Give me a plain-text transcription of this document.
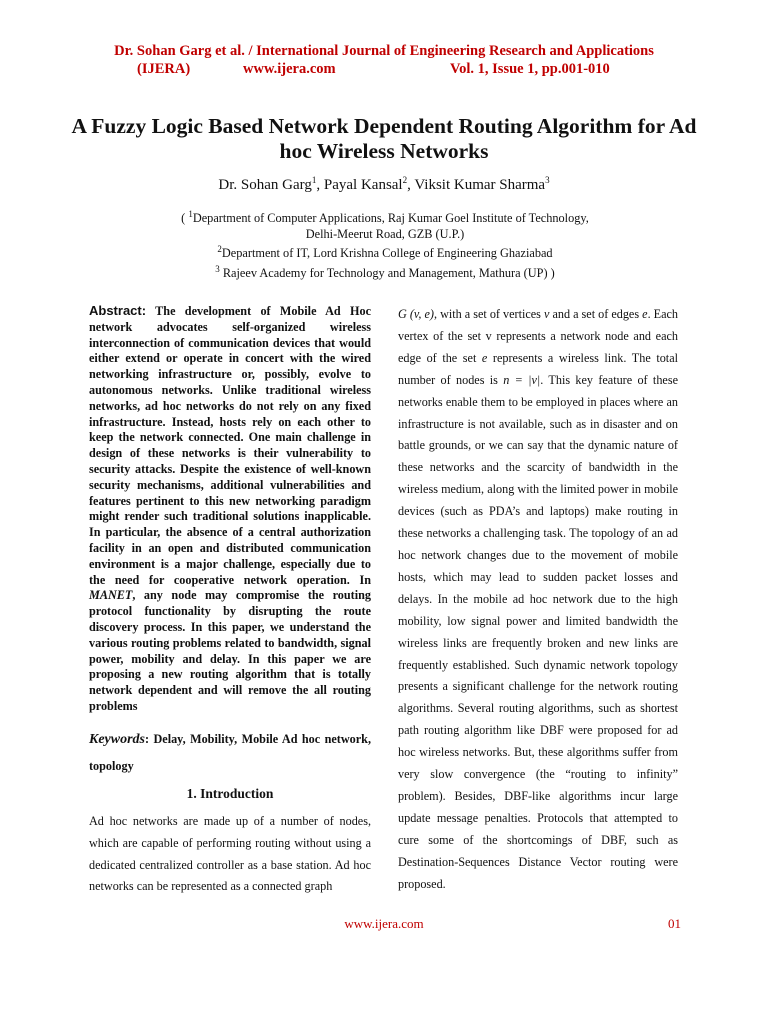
Dr. Sohan Garg et al. / International Journal of Engineering Research and Applications
(IJERA)	www.ijera.com	Vol. 1, Issue 1, pp.001-010
A Fuzzy Logic Based Network Dependent Routing Algorithm for Ad hoc Wireless Networks
Dr. Sohan Garg$^1$, Payal Kansal$^2$, Viksit Kumar Sharma$^3$
( $^1$Department of Computer Applications, Raj Kumar Goel Institute of Technology,
Delhi-Meerut Road, GZB (U.P.)
$^2$Department of IT, Lord Krishna College of Engineering Ghaziabad
$^3$ Rajeev Academy for Technology and Management, Mathura (UP) )
Abstract: The development of Mobile Ad Hoc network advocates self-organized wireless interconnection of communication devices that would either extend or operate in concert with the wired networking infrastructure or, possibly, evolve to autonomous networks. Unlike traditional wireless networks, ad hoc networks do not rely on any fixed infrastructure. Instead, hosts rely on each other to keep the network connected. One main challenge in design of these networks is their vulnerability to security attacks. Despite the existence of well-known security mechanisms, additional vulnerabilities and features pertinent to this new networking paradigm might render such traditional solutions inapplicable. In particular, the absence of a central authorization facility in an open and distributed communication environment is a major challenge, especially due to the need for cooperative network operation. In MANET, any node may compromise the routing protocol functionality by disrupting the route discovery process. In this paper, we understand the various routing problems related to bandwidth, signal power, mobility and delay. In this paper we are proposing a new routing algorithm that is totally network dependent and will remove the all routing problems
Keywords: Delay, Mobility, Mobile Ad hoc network, topology
1. Introduction
Ad hoc networks are made up of a number of nodes, which are capable of performing routing without using a dedicated centralized controller as a base station. Ad hoc networks can be represented as a connected graph
G (v, e), with a set of vertices v and a set of edges e. Each vertex of the set v represents a network node and each edge of the set e represents a wireless link. The total number of nodes is n = |v|. This key feature of these networks enable them to be employed in places where an infrastructure is not available, such as in disaster and on battle grounds, or we can say that the dynamic nature of these networks and the scarcity of bandwidth in the wireless medium, along with the limited power in mobile devices (such as PDA’s and laptops) make routing in these networks a challenging task. The topology of an ad hoc network changes due to the movement of mobile hosts, which may lead to sudden packet losses and delays. In the mobile ad hoc network due to the high mobility, low signal power and limited bandwidth the wireless links are frequently broken and new links are frequently established. Such dynamic network topology presents a significant challenge for the network routing algorithms. Several routing algorithms, such as shortest path routing algorithm like DBF were proposed for ad hoc wireless networks. But, these algorithms suffer from very slow convergence (the “routing to infinity” problem). Besides, DBF-like algorithms incur large update message penalties. Protocols that attempted to cure some of the shortcomings of DBF, such as Destination-Sequences Distance Vector routing were proposed.
www.ijera.com	01
